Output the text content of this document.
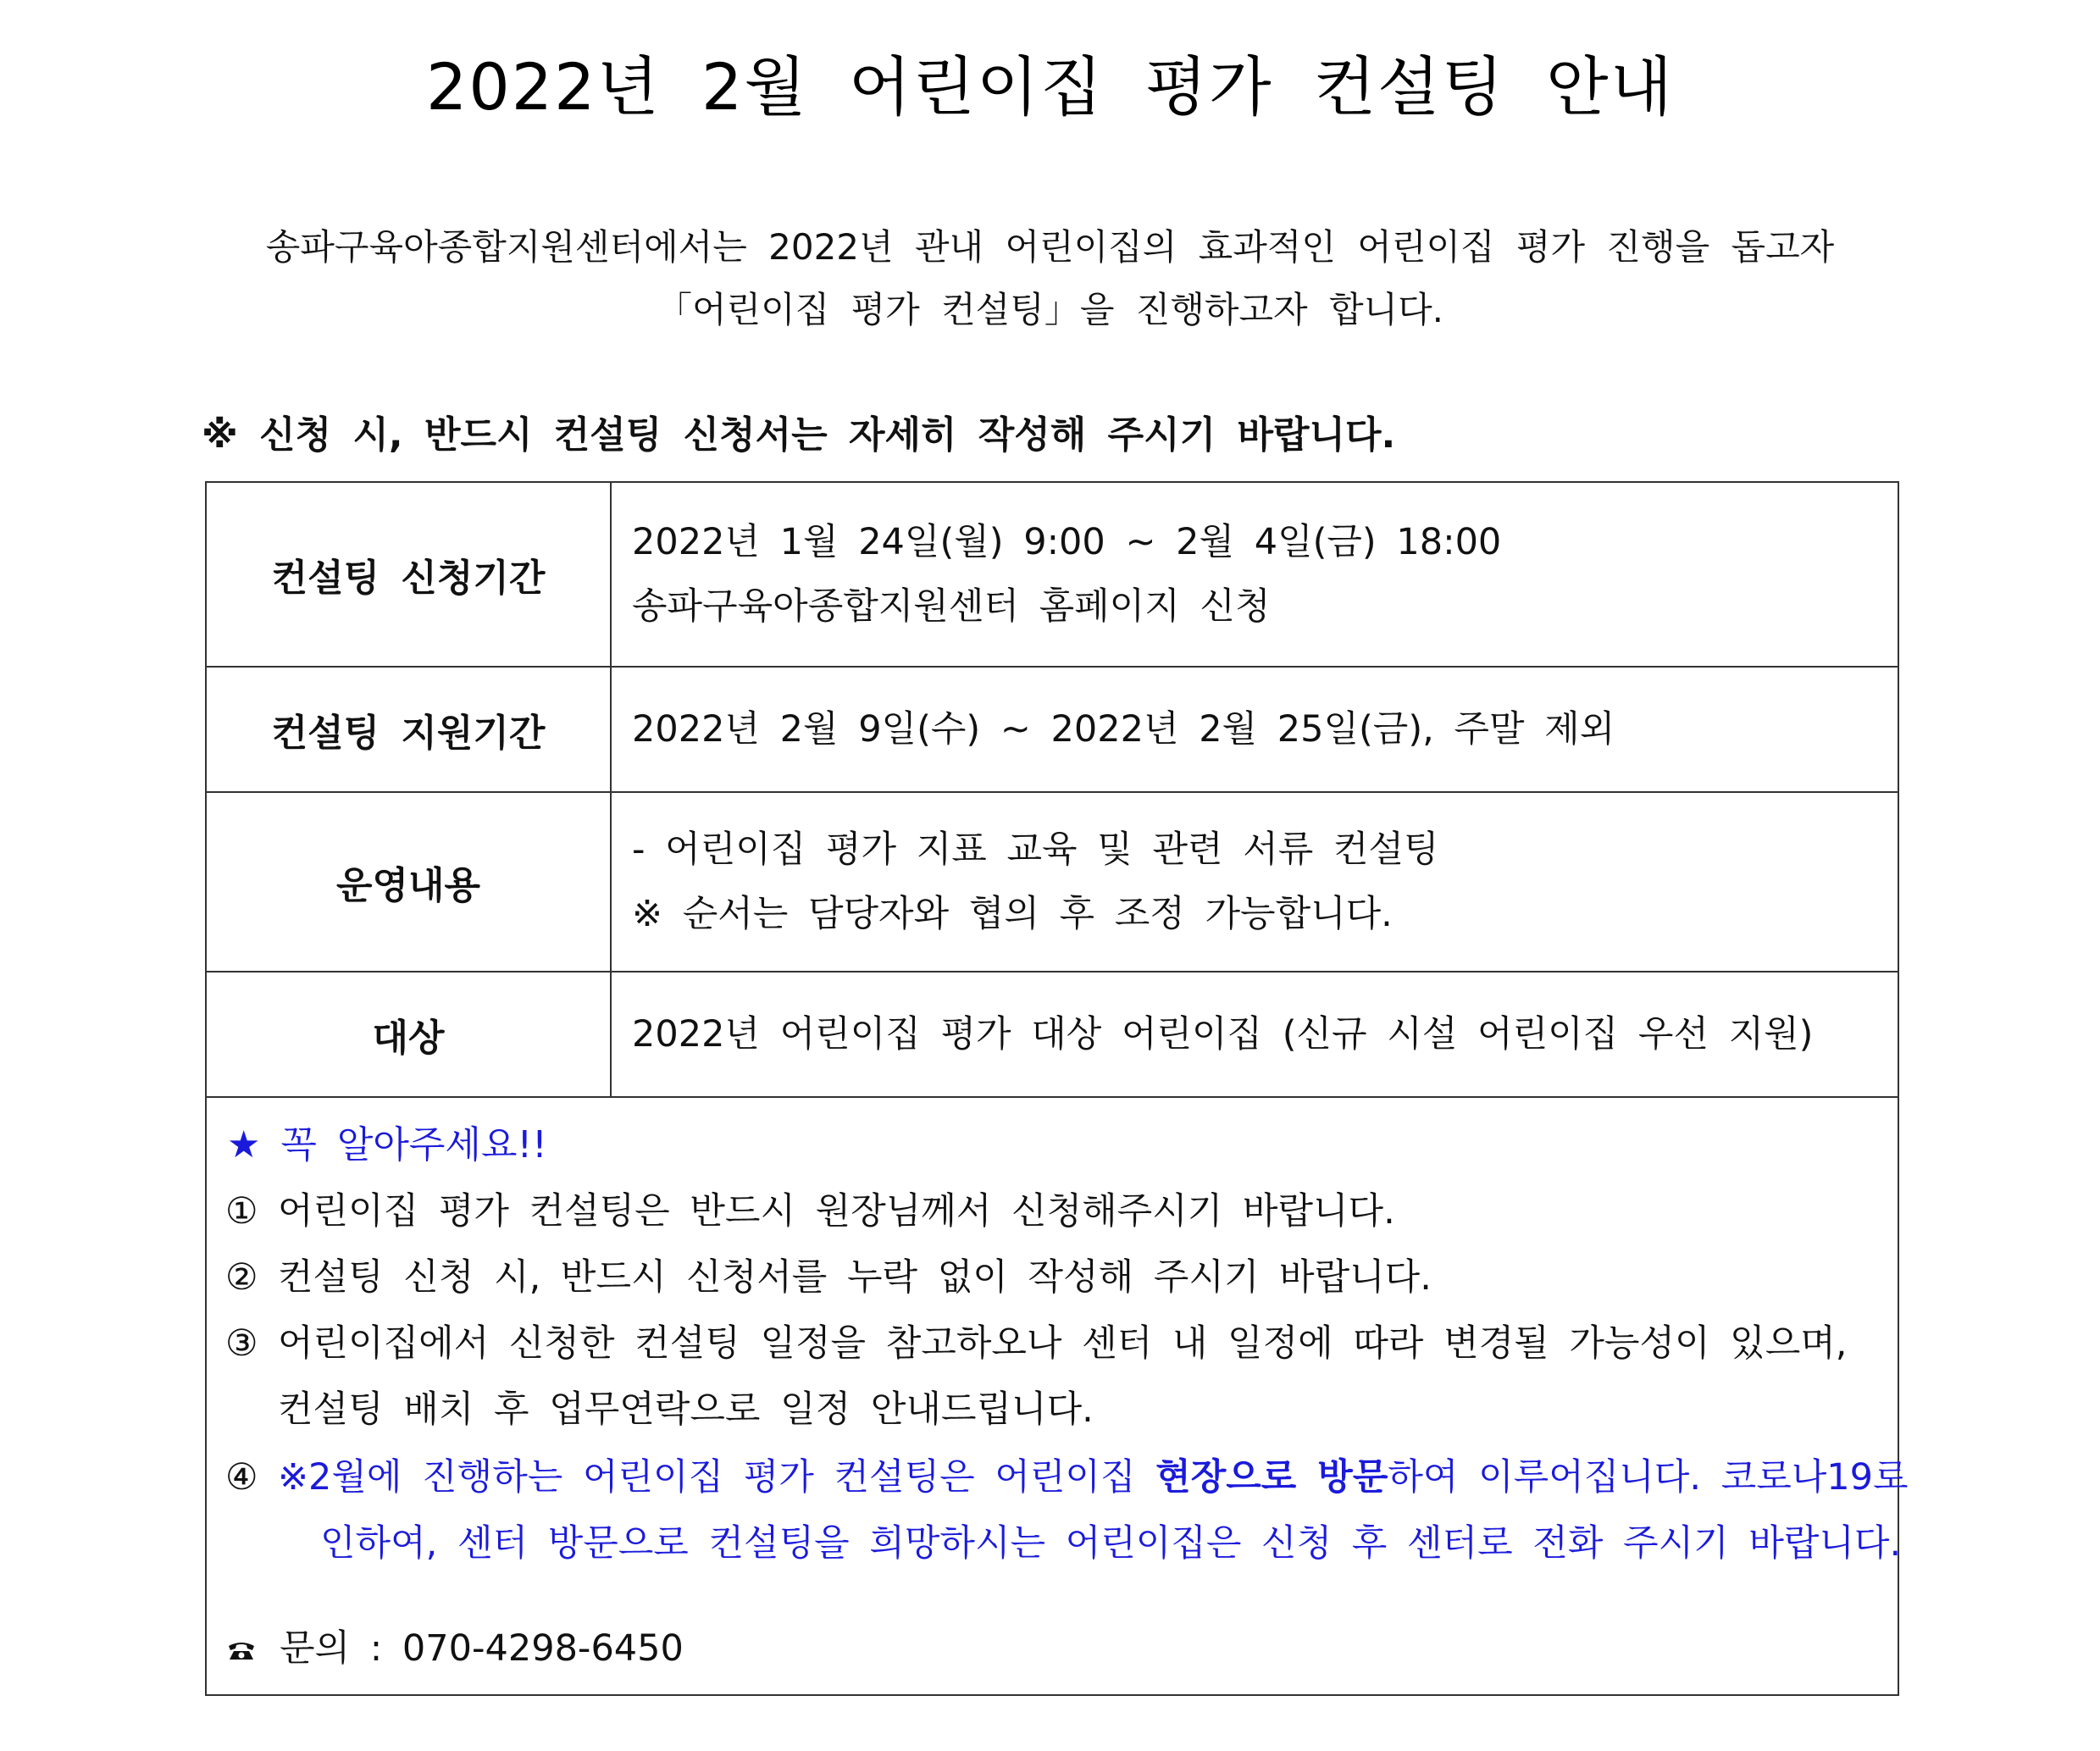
2022년 2월 어린이집 평가 컨설팅 안내
송파구육아종합지원센터에서는 2022년 관내 어린이집의 효과적인 어린이집 평가 진행을 돕고자
「어린이집 평가 컨설팅」을 진행하고자 합니다.
※ 신청 시, 반드시 컨설팅 신청서는 자세히 작성해 주시기 바랍니다.
컨설팅 신청기간
2022년 1월 24일(월) 9:00 ~ 2월 4일(금) 18:00
송파구육아종합지원센터 홈페이지 신청
컨설팅 지원기간	2022년 2월 9일(수) ~ 2022년 2월 25일(금), 주말 제외
운영내용
- 어린이집 평가 지표 교육 및 관련 서류 컨설팅
※ 순서는 담당자와 협의 후 조정 가능합니다.
대상	2022년 어린이집 평가 대상 어린이집 (신규 시설 어린이집 우선 지원)
★ 꼭 알아주세요!!
① 어린이집 평가 컨설팅은 반드시 원장님께서 신청해주시기 바랍니다.
② 컨설팅 신청 시, 반드시 신청서를 누락 없이 작성해 주시기 바랍니다.
③ 어린이집에서 신청한 컨설팅 일정을 참고하오나 센터 내 일정에 따라 변경될 가능성이 있으며,
컨설팅 배치 후 업무연락으로 일정 안내드립니다.
④ ※2월에 진행하는 어린이집 평가 컨설팅은 어린이집 현장으로 방문하여 이루어집니다. 코로나19로
인하여, 센터 방문으로 컨설팅을 희망하시는 어린이집은 신청 후 센터로 전화 주시기 바랍니다.
문의 : 070-4298-6450
